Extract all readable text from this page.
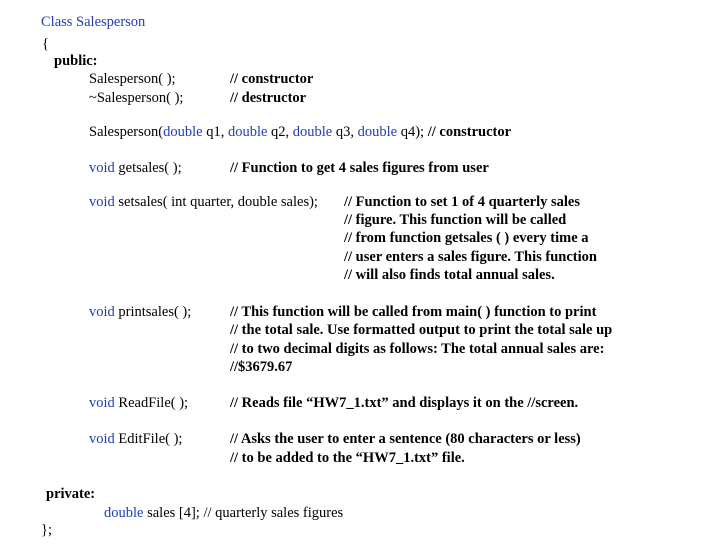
Class Salesperson
{
public:
Salesperson( );	// constructor
~Salesperson( );	// destructor
Salesperson(double q1, double q2, double q3, double q4); // constructor
void getsales( );	// Function to get 4 sales figures from user
void setsales( int quarter, double sales); // Function to set 1 of 4 quarterly sales
// figure. This function will be called
// from function getsales ( ) every time a
// user enters a sales figure. This function
// will also finds total annual sales.
void printsales( );	// This function will be called from main( ) function to print
// the total sale. Use formatted output to print the total sale up
// to two decimal digits as follows: The total annual sales are:
//$3679.67
void ReadFile( );	// Reads file “HW7_1.txt” and displays it on the //screen.
void EditFile( );	// Asks the user to enter a sentence (80 characters or less)
// to be added to the “HW7_1.txt” file.
private:
double sales [4]; // quarterly sales figures
};
